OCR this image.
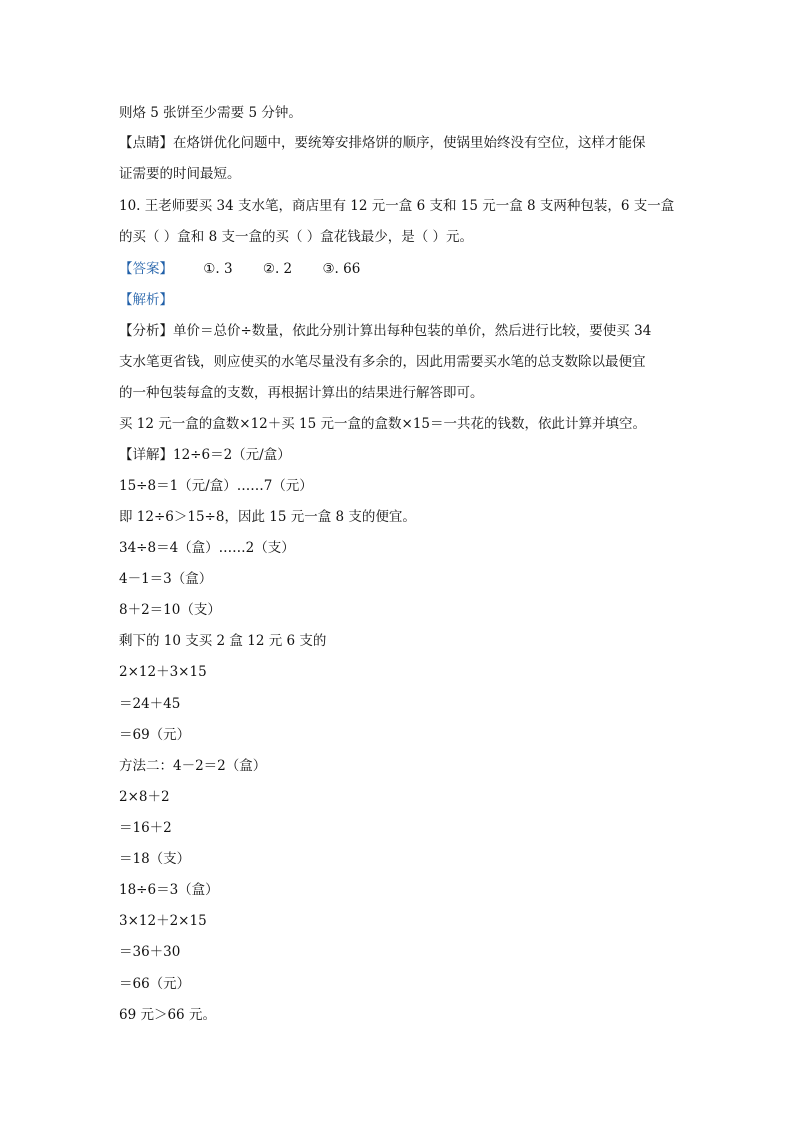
则烙 5 张饼至少需要 5 分钟。
【点睛】在烙饼优化问题中，要统筹安排烙饼的顺序，使锅里始终没有空位，这样才能保
证需要的时间最短。
10. 王老师要买 34 支水笔，商店里有 12 元一盒 6 支和 15 元一盒 8 支两种包装，6 支一盒
的买（ ）盒和 8 支一盒的买（ ）盒花钱最少，是（ ）元。
【答案】 ①. 3 ②. 2 ③. 66
【解析】
【分析】单价＝总价÷数量，依此分别计算出每种包装的单价，然后进行比较，要使买 34
支水笔更省钱，则应使买的水笔尽量没有多余的，因此用需要买水笔的总支数除以最便宜
的一种包装每盒的支数，再根据计算出的结果进行解答即可。
买 12 元一盒的盒数×12＋买 15 元一盒的盒数×15＝一共花的钱数，依此计算并填空。
【详解】12÷6＝2（元/盒）
15÷8＝1（元/盒）……7（元）
即 12÷6＞15÷8，因此 15 元一盒 8 支的便宜。
34÷8＝4（盒）……2（支）
4－1＝3（盒）
8＋2＝10（支）
剩下的 10 支买 2 盒 12 元 6 支的
2×12＋3×15
＝24＋45
＝69（元）
方法二：4－2＝2（盒）
2×8＋2
＝16＋2
＝18（支）
18÷6＝3（盒）
3×12＋2×15
＝36＋30
＝66（元）
69 元＞66 元。
